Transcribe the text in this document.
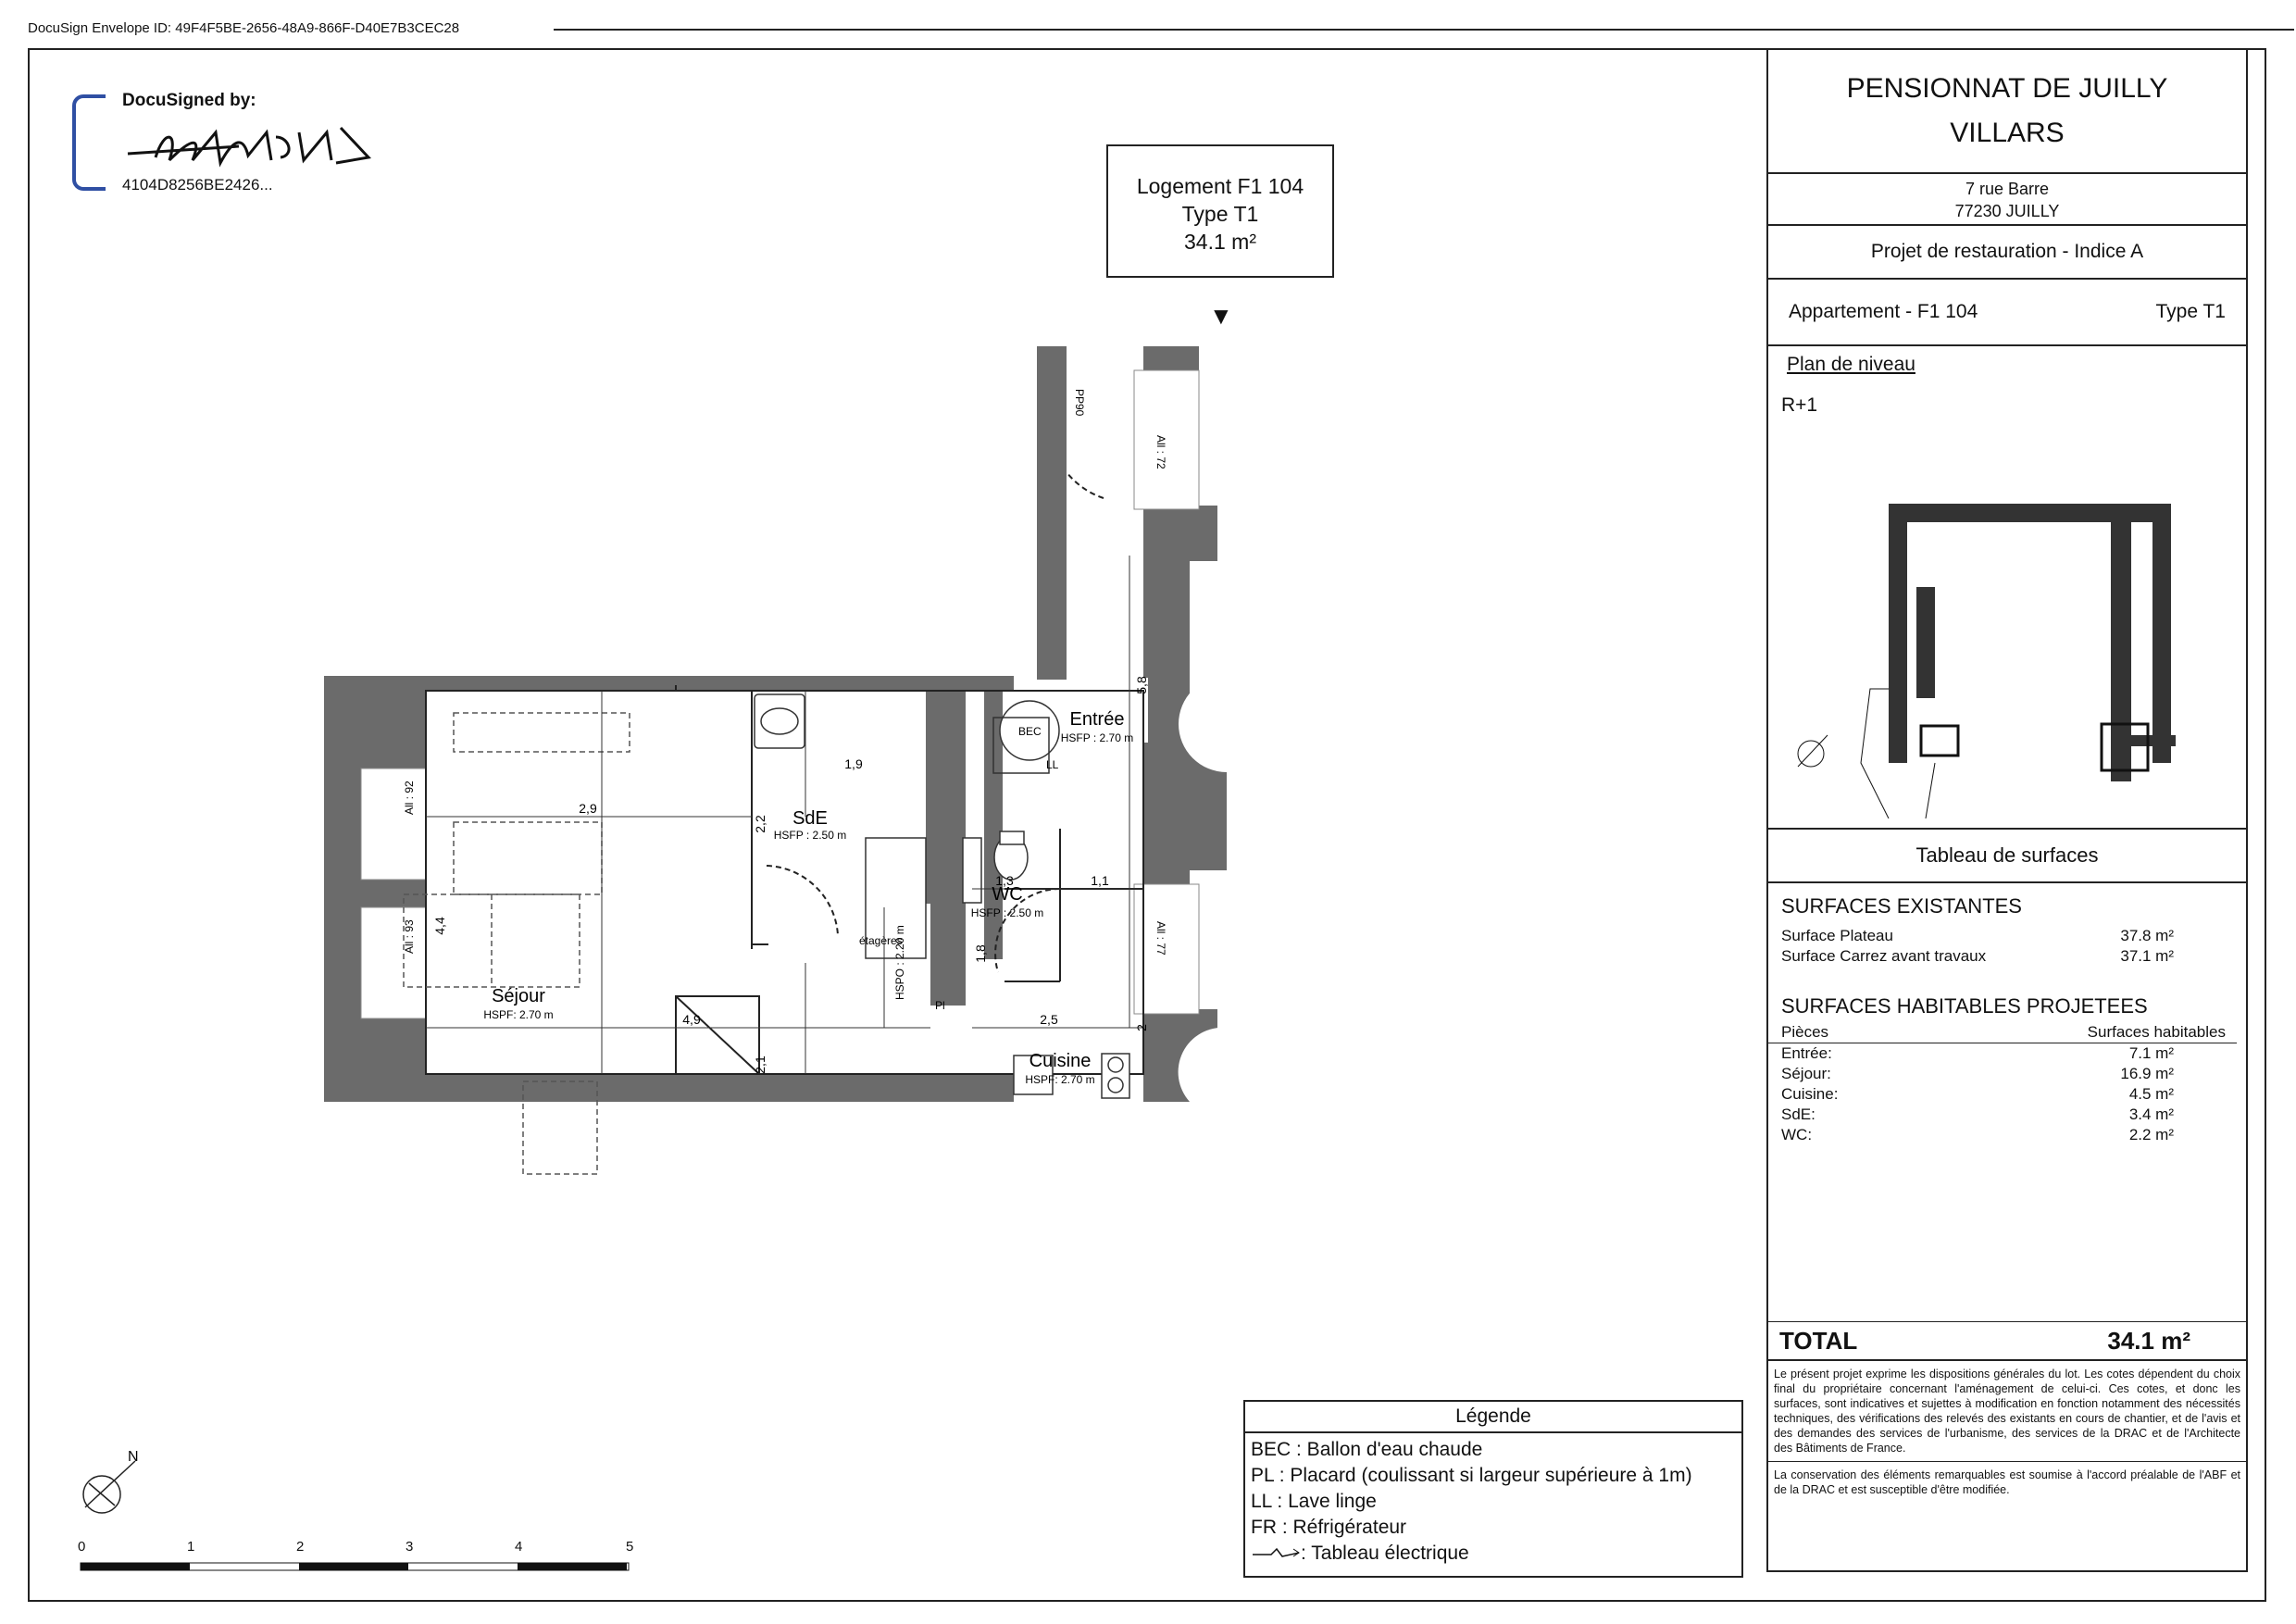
DocuSign Envelope ID: 49F4F5BE-2656-48A9-866F-D40E7B3CEC28
DocuSigned by:
4104D8256BE2426...	Logement F1 104
Type T1
34.1 m²
▼
Séjour
HSPF: 2.70 m
SdE
HSFP : 2.50 m
Entrée
HSFP : 2.70 m
WC
HSFP : 2.50 m
Cuisine
HSPF: 2.70 m
PP90
All : 72
All : 92
All : 93	All : 77
BEC
LL
étagères
Pl
HSPO : 2.20 m
2,9
1,9
2,2
4,4
2,1
4,9
1,3	1,1
1,8
5,8
2,5
2
N
0	1	2	3	4	5
Légende
BEC : Ballon d'eau chaude
PL : Placard (coulissant si largeur supérieure à 1m)
LL : Lave linge
FR : Réfrigérateur
: Tableau électrique
PENSIONNAT DE JUILLY
VILLARS
7 rue Barre
77230 JUILLY
Projet de restauration - Indice A
Appartement - F1 104	Type T1
Plan de niveau
R+1
Tableau de surfaces
SURFACES EXISTANTES
Surface Plateau	37.8 m²
Surface Carrez avant travaux	37.1 m²
SURFACES HABITABLES PROJETEES
Pièces	Surfaces habitables
Entrée:	7.1 m²
Séjour:	16.9 m²
Cuisine:	4.5 m²
SdE:	3.4 m²
WC:	2.2 m²
TOTAL	34.1 m²
Le présent projet exprime les dispositions générales du lot. Les cotes dépendent du choix final du propriétaire concernant l'aménagement de celui-ci. Ces cotes, et donc les surfaces, sont indicatives et sujettes à modification en fonction notamment des nécessités techniques, des vérifications des relevés des existants en cours de chantier, et de l'avis et des demandes des services de l'urbanisme, des services de la DRAC et de l'Architecte des Bâtiments de France.
La conservation des éléments remarquables est soumise à l'accord préalable de l'ABF et de la DRAC et est susceptible d'être modifiée.
